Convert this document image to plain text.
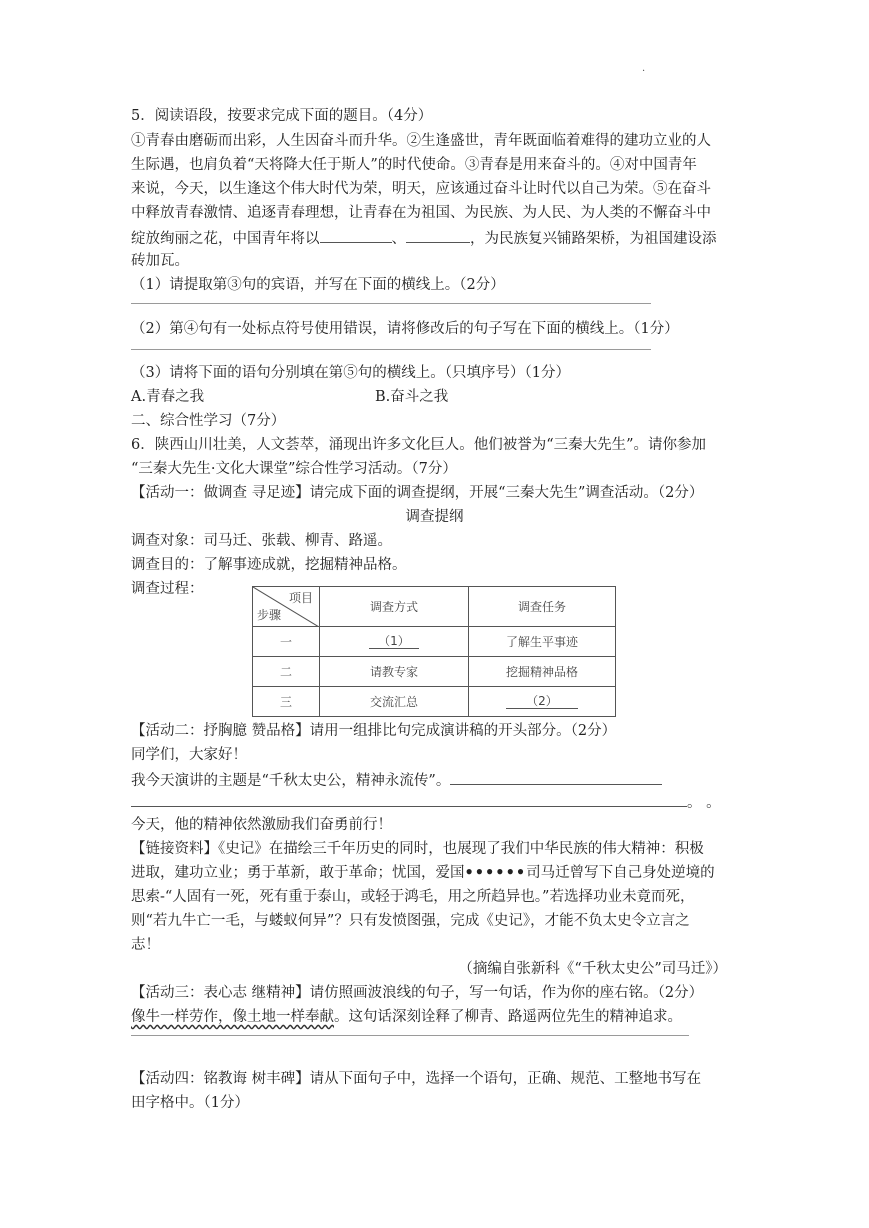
·
5．阅读语段，按要求完成下面的题目。（4分）
①青春由磨砺而出彩，人生因奋斗而升华。②生逢盛世，青年既面临着难得的建功立业的人
生际遇，也肩负着“天将降大任于斯人”的时代使命。③青春是用来奋斗的。④对中国青年
来说，今天，以生逢这个伟大时代为荣，明天，应该通过奋斗让时代以自己为荣。⑤在奋斗
中释放青春激情、追逐青春理想，让青春在为祖国、为民族、为人民、为人类的不懈奋斗中
绽放绚丽之花，中国青年将以	、	，为民族复兴铺路架桥，为祖国建设添
砖加瓦。
（1）请提取第③句的宾语，并写在下面的横线上。（2分）
（2）第④句有一处标点符号使用错误，请将修改后的句子写在下面的横线上。（1分）
（3）请将下面的语句分别填在第⑤句的横线上。（只填序号）（1分）
A.青春之我	B.奋斗之我
二、综合性学习（7分）
6．陕西山川壮美，人文荟萃，涌现出许多文化巨人。他们被誉为“三秦大先生”。请你参加
“三秦大先生·文化大课堂”综合性学习活动。（7分）
【活动一：做调查 寻足迹】请完成下面的调查提纲，开展“三秦大先生”调查活动。（2分）
调查提纲
调查对象：司马迁、张载、柳青、路遥。
调查目的：了解事迹成就，挖掘精神品格。
调查过程：
项目
步骤	调查方式	调查任务
一	（1）	了解生平事迹
二	请教专家	挖掘精神品格
三	交流汇总	（2）
【活动二：抒胸臆 赞品格】请用一组排比句完成演讲稿的开头部分。（2分）
同学们，大家好！
我今天演讲的主题是“千秋太史公，精神永流传”。
。 。
今天，他的精神依然激励我们奋勇前行！
【链接资料】《史记》在描绘三千年历史的同时，也展现了我们中华民族的伟大精神：积极
进取，建功立业；勇于革新，敢于革命；忧国，爱国••••••司马迁曾写下自己身处逆境的
思索-“人固有一死，死有重于泰山，或轻于鸿毛，用之所趋异也。”若选择功业未竟而死，
则“若九牛亡一毛，与蝼蚁何异”？只有发愤图强，完成《史记》，才能不负太史令立言之
志！
（摘编自张新科《“千秋太史公”司马迁》）
【活动三：表心志 继精神】请仿照画波浪线的句子，写一句话，作为你的座右铭。（2分）
像牛一样劳作，像土地一样奉献。这句话深刻诠释了柳青、路遥两位先生的精神追求。
【活动四：铭教诲 树丰碑】请从下面句子中，选择一个语句，正确、规范、工整地书写在
田字格中。（1分）
